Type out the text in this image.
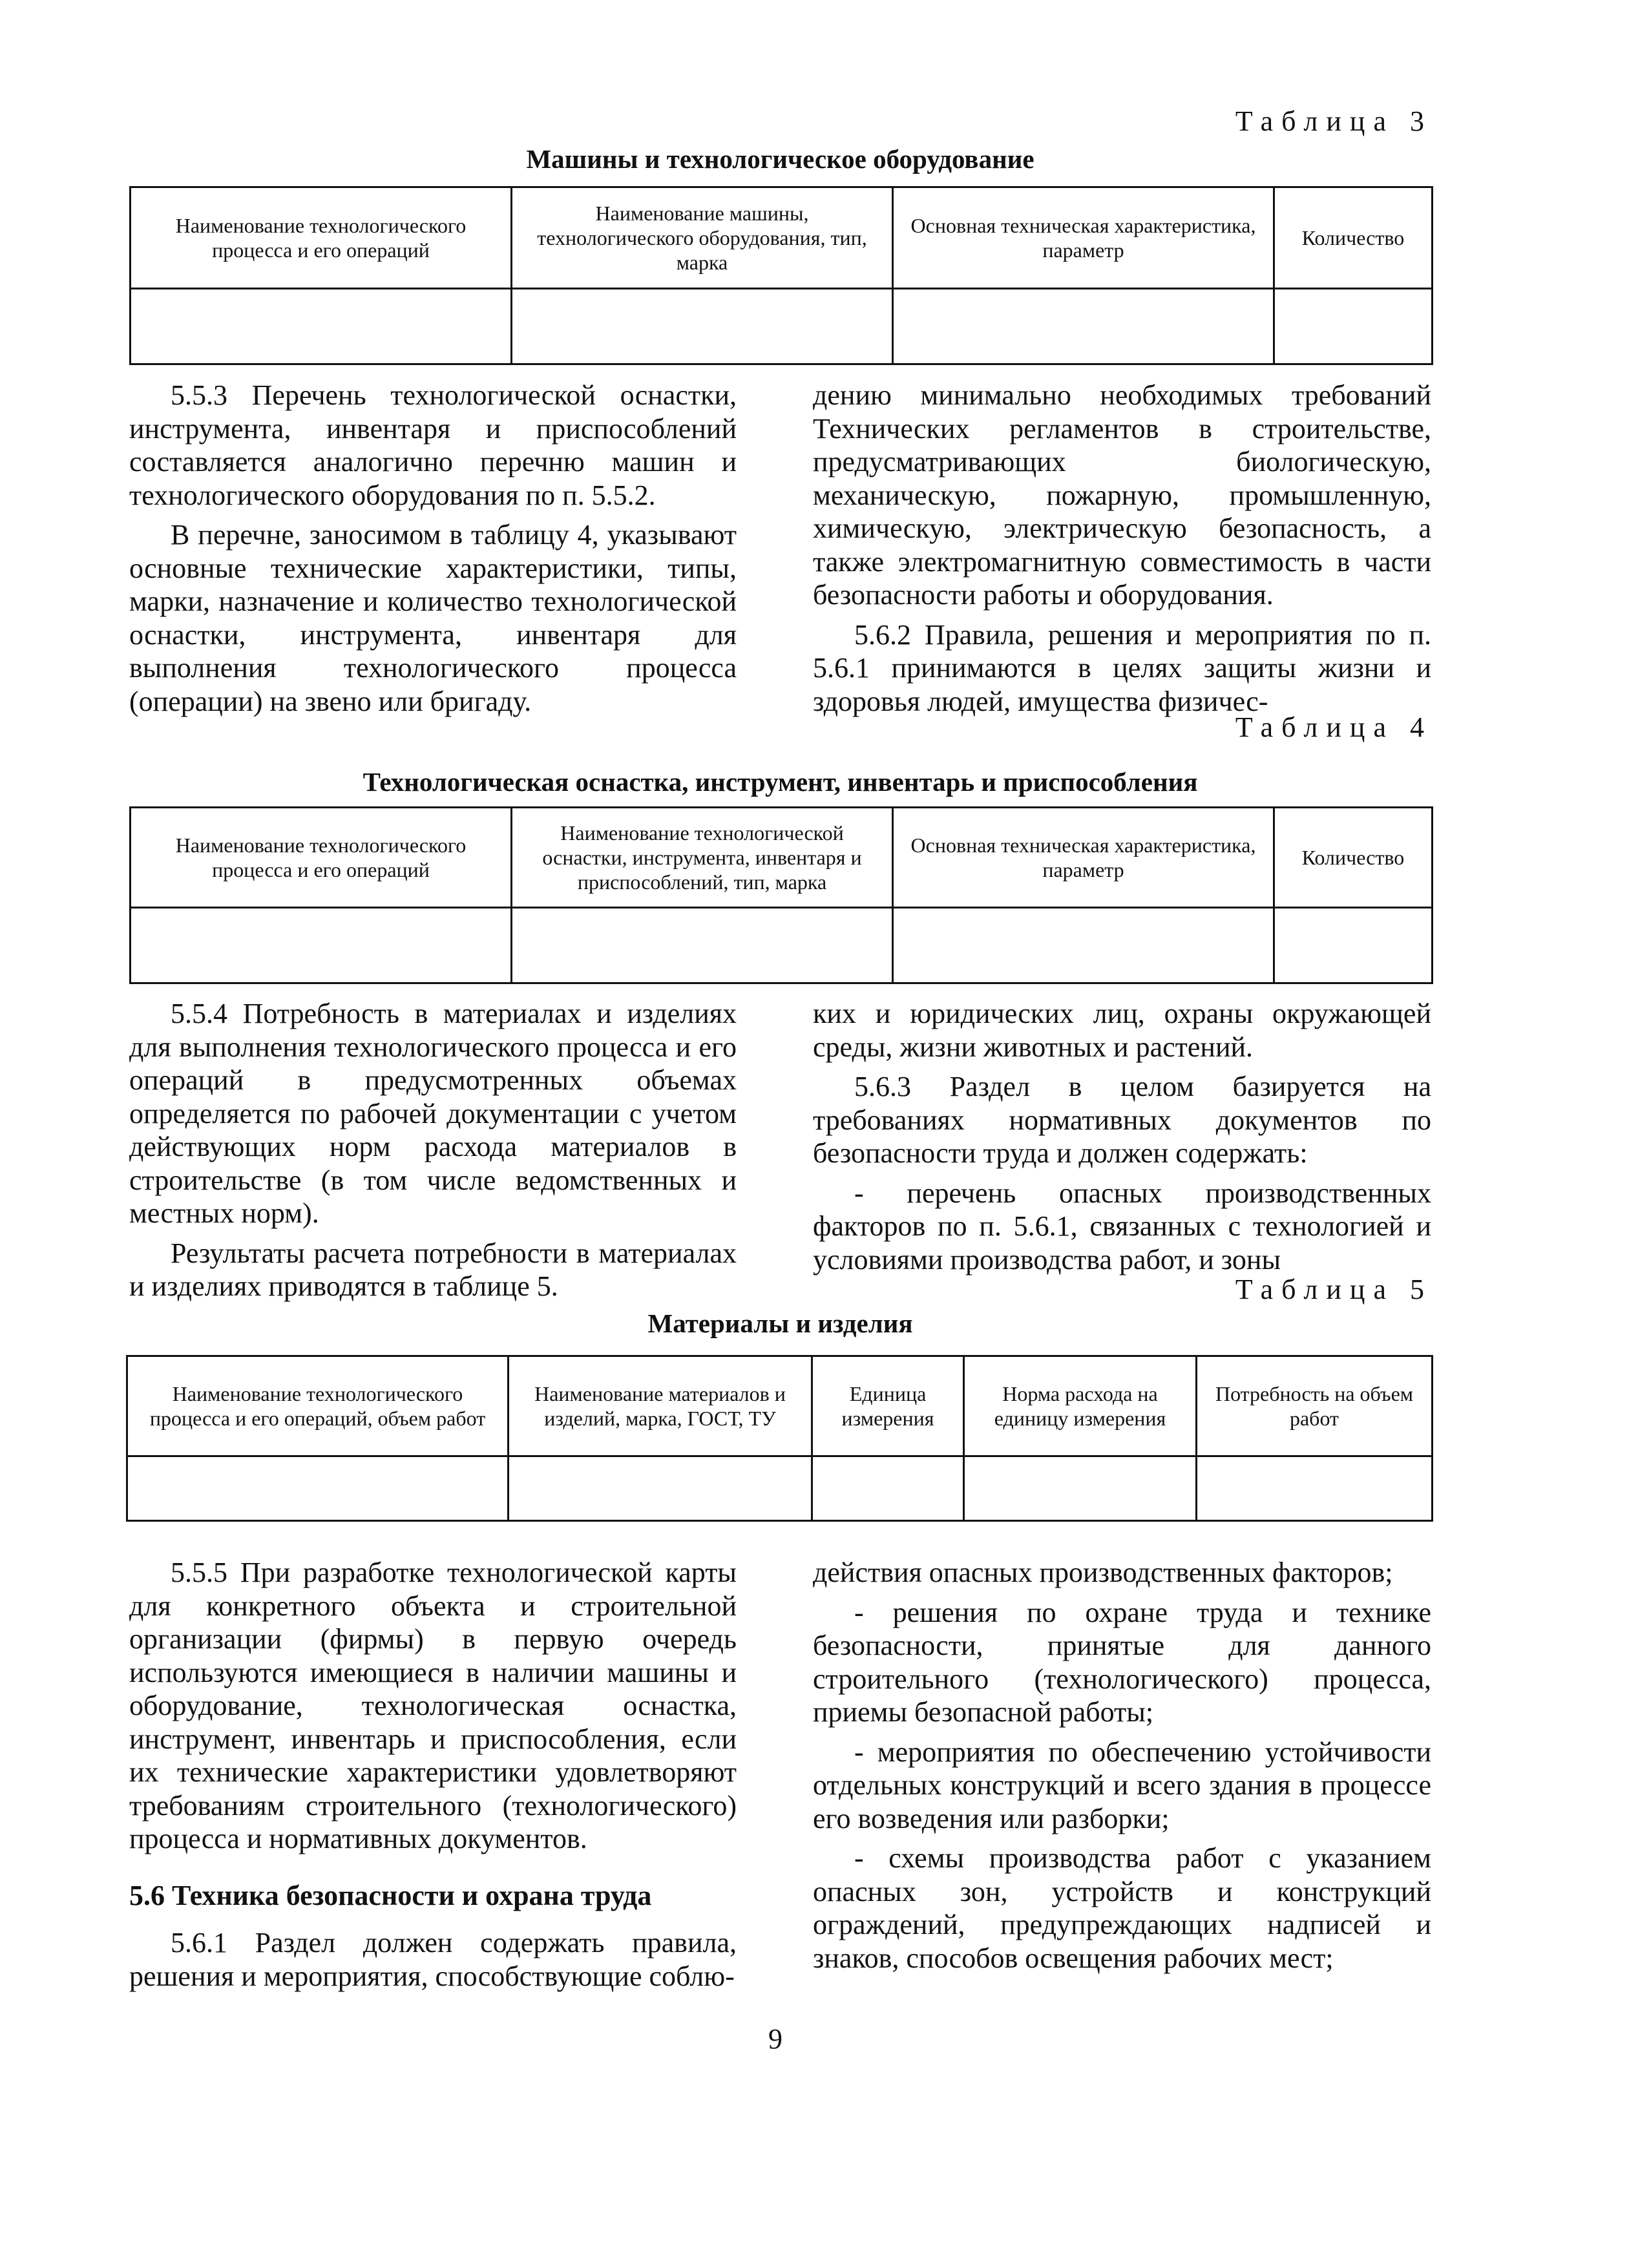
Таблица 3
Машины и технологическое оборудование
Наименование технологического процесса и его операций	Наименование машины, технологического оборудования, тип, марка	Основная техническая характеристика, параметр	Количество

5.5.3 Перечень технологической оснастки, инструмента, инвентаря и приспособлений составляется аналогично перечню машин и технологического оборудования по п. 5.5.2.

В перечне, заносимом в таблицу 4, указывают основные технические характеристики, типы, марки, назначение и количество технологической оснастки, инструмента, инвентаря для выполнения технологического процесса (операции) на звено или бригаду.

дению минимально необходимых требований Технических регламентов в строительстве, предусматривающих биологическую, механическую, пожарную, промышленную, химическую, электрическую безопасность, а также электромагнитную совместимость в части безопасности работы и оборудования.

5.6.2 Правила, решения и мероприятия по п. 5.6.1 принимаются в целях защиты жизни и здоровья людей, имущества физичес-

Таблица 4
Технологическая оснастка, инструмент, инвентарь и приспособления
Наименование технологического процесса и его операций	Наименование технологической оснастки, инструмента, инвентаря и приспособлений, тип, марка	Основная техническая характеристика, параметр	Количество

5.5.4 Потребность в материалах и изделиях для выполнения технологического процесса и его операций в предусмотренных объемах определяется по рабочей документации с учетом действующих норм расхода материалов в строительстве (в том числе ведомственных и местных норм).

Результаты расчета потребности в материалах и изделиях приводятся в таблице 5.

ких и юридических лиц, охраны окружающей среды, жизни животных и растений.

5.6.3 Раздел в целом базируется на требованиях нормативных документов по безопасности труда и должен содержать:

- перечень опасных производственных факторов по п. 5.6.1, связанных с технологией и условиями производства работ, и зоны

Таблица 5
Материалы и изделия
Наименование технологического процесса и его операций, объем работ	Наименование материалов и изделий, марка, ГОСТ, ТУ	Единица измерения	Норма расхода на единицу измерения	Потребность на объем работ

5.5.5 При разработке технологической карты для конкретного объекта и строительной организации (фирмы) в первую очередь используются имеющиеся в наличии машины и оборудование, технологическая оснастка, инструмент, инвентарь и приспособления, если их технические характеристики удовлетворяют требованиям строительного (технологического) процесса и нормативных документов.

5.6 Техника безопасности и охрана труда

5.6.1 Раздел должен содержать правила, решения и мероприятия, способствующие соблю-

действия опасных производственных факторов;

- решения по охране труда и технике безопасности, принятые для данного строительного (технологического) процесса, приемы безопасной работы;

- мероприятия по обеспечению устойчивости отдельных конструкций и всего здания в процессе его возведения или разборки;

- схемы производства работ с указанием опасных зон, устройств и конструкций ограждений, предупреждающих надписей и знаков, способов освещения рабочих мест;

9
